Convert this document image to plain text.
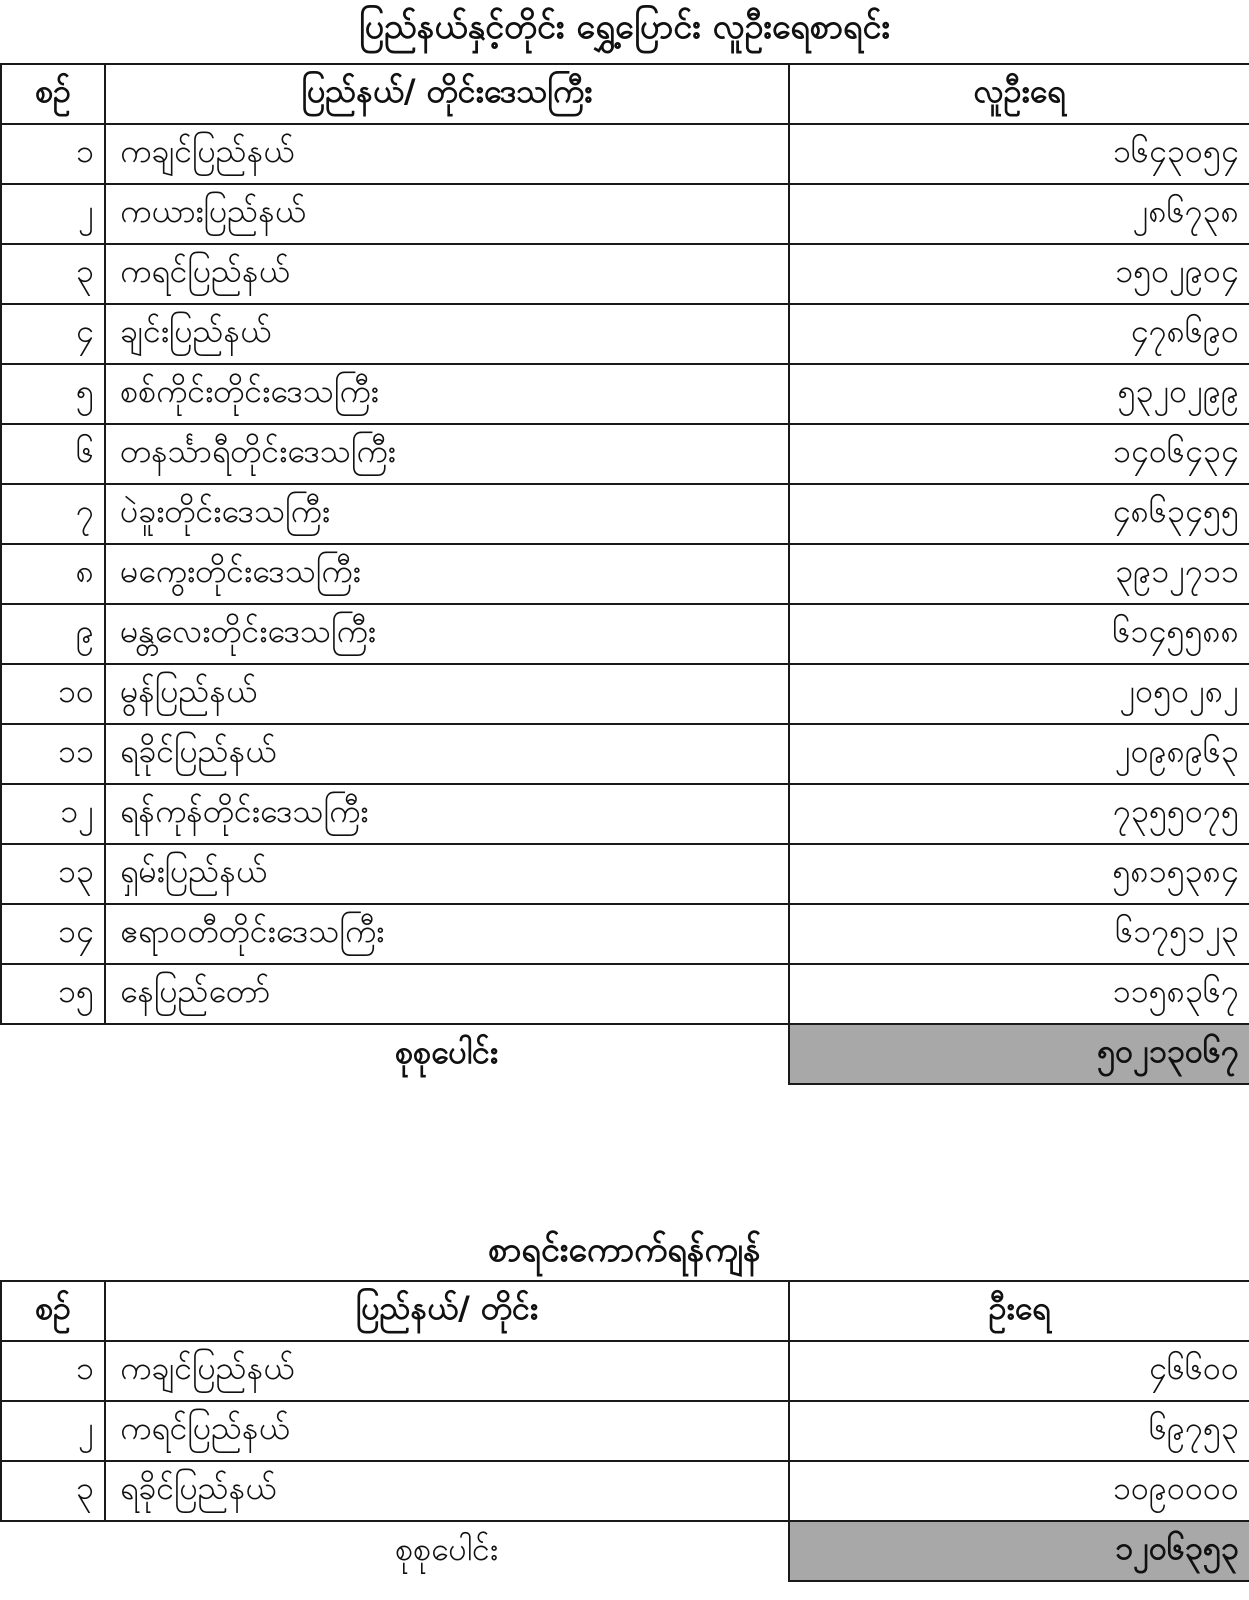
ပြည်နယ်နှင့်တိုင်း ရွှေ့ပြောင်း လူဦးရေစာရင်း
စဉ်	ပြည်နယ်/ တိုင်းဒေသကြီး	လူဦးရေ
၁	ကချင်ပြည်နယ်	၁၆၄၃၀၅၄
၂	ကယားပြည်နယ်	၂၈၆၇၃၈
၃	ကရင်ပြည်နယ်	၁၅၀၂၉၀၄
၄	ချင်းပြည်နယ်	၄၇၈၆၉၀
၅	စစ်ကိုင်းတိုင်းဒေသကြီး	၅၃၂၀၂၉၉
၆	တနင်္သာရီတိုင်းဒေသကြီး	၁၄၀၆၄၃၄
၇	ပဲခူးတိုင်းဒေသကြီး	၄၈၆၃၄၅၅
၈	မကွေးတိုင်းဒေသကြီး	၃၉၁၂၇၁၁
၉	မန္တလေးတိုင်းဒေသကြီး	၆၁၄၅၅၈၈
၁၀	မွန်ပြည်နယ်	၂၀၅၀၂၈၂
၁၁	ရခိုင်ပြည်နယ်	၂၀၉၈၉၆၃
၁၂	ရန်ကုန်တိုင်းဒေသကြီး	၇၃၅၅၀၇၅
၁၃	ရှမ်းပြည်နယ်	၅၈၁၅၃၈၄
၁၄	ဧရာဝတီတိုင်းဒေသကြီး	၆၁၇၅၁၂၃
၁၅	နေပြည်တော်	၁၁၅၈၃၆၇
	စုစုပေါင်း	၅၀၂၁၃၀၆၇
စာရင်းကောက်ရန်ကျန်
စဉ်	ပြည်နယ်/ တိုင်း	ဦးရေ
၁	ကချင်ပြည်နယ်	၄၆၆၀၀
၂	ကရင်ပြည်နယ်	၆၉၇၅၃
၃	ရခိုင်ပြည်နယ်	၁၀၉၀၀၀၀
	စုစုပေါင်း	၁၂၀၆၃၅၃
